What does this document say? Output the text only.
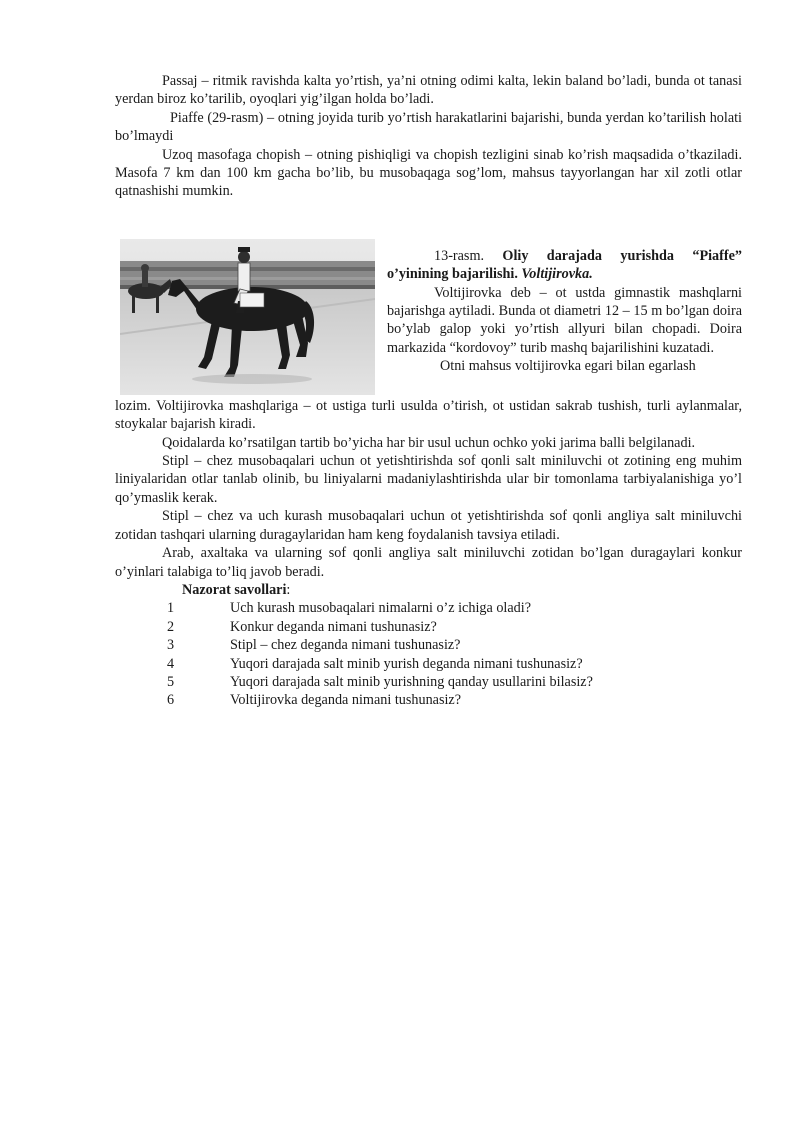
Passaj – ritmik ravishda kalta yo’rtish, ya’ni otning odimi kalta, lekin baland bo’ladi, bunda ot tanasi yerdan biroz ko’tarilib, oyoqlari yig’ilgan holda bo’ladi.

Piaffe (29-rasm) – otning joyida turib yo’rtish harakatlarini bajarishi, bunda yerdan ko’tarilish holati bo’lmaydi

Uzoq masofaga chopish – otning pishiqligi va chopish tezligini sinab ko’rish maqsadida o’tkaziladi. Masofa 7 km dan 100 km gacha bo’lib, bu musobaqaga sog’lom, mahsus tayyorlangan har xil zotli otlar qatnashishi mumkin.

13-rasm. Oliy darajada yurishda “Piaffe” o’yinining bajarilishi. Voltijirovka.

Voltijirovka deb – ot ustda gimnastik mashqlarni bajarishga aytiladi. Bunda ot diametri 12 – 15 m bo’lgan doira bo’ylab galop yoki yo’rtish allyuri bilan chopadi. Doira markazida “kordovoy” turib mashq bajarilishini kuzatadi.

Otni mahsus voltijirovka egari bilan egarlash

lozim. Voltijirovka mashqlariga – ot ustiga turli usulda o’tirish, ot ustidan sakrab tushish, turli aylanmalar, stoykalar bajarish kiradi.

Qoidalarda ko’rsatilgan tartib bo’yicha har bir usul uchun ochko yoki jarima balli belgilanadi.

Stipl – chez musobaqalari uchun ot yetishtirishda sof qonli salt miniluvchi ot zotining eng muhim liniyalaridan otlar tanlab olinib, bu liniyalarni madaniylashtirishda ular bir tomonlama tarbiyalanishiga yo’l qo’ymaslik kerak.

Stipl – chez va uch kurash musobaqalari uchun ot yetishtirishda sof qonli angliya salt miniluvchi zotidan tashqari ularning duragaylaridan ham keng foydalanish tavsiya etiladi.

Arab, axaltaka va ularning sof qonli angliya salt miniluvchi zotidan bo’lgan duragaylari konkur o’yinlari talabiga to’liq javob beradi.

Nazorat savollari:

1	Uch kurash musobaqalari nimalarni o’z ichiga oladi?
2	Konkur deganda nimani tushunasiz?
3	Stipl – chez deganda nimani tushunasiz?
4	Yuqori darajada salt minib yurish deganda nimani tushunasiz?
5	Yuqori darajada salt minib yurishning qanday usullarini bilasiz?
6	Voltijirovka deganda nimani tushunasiz?
